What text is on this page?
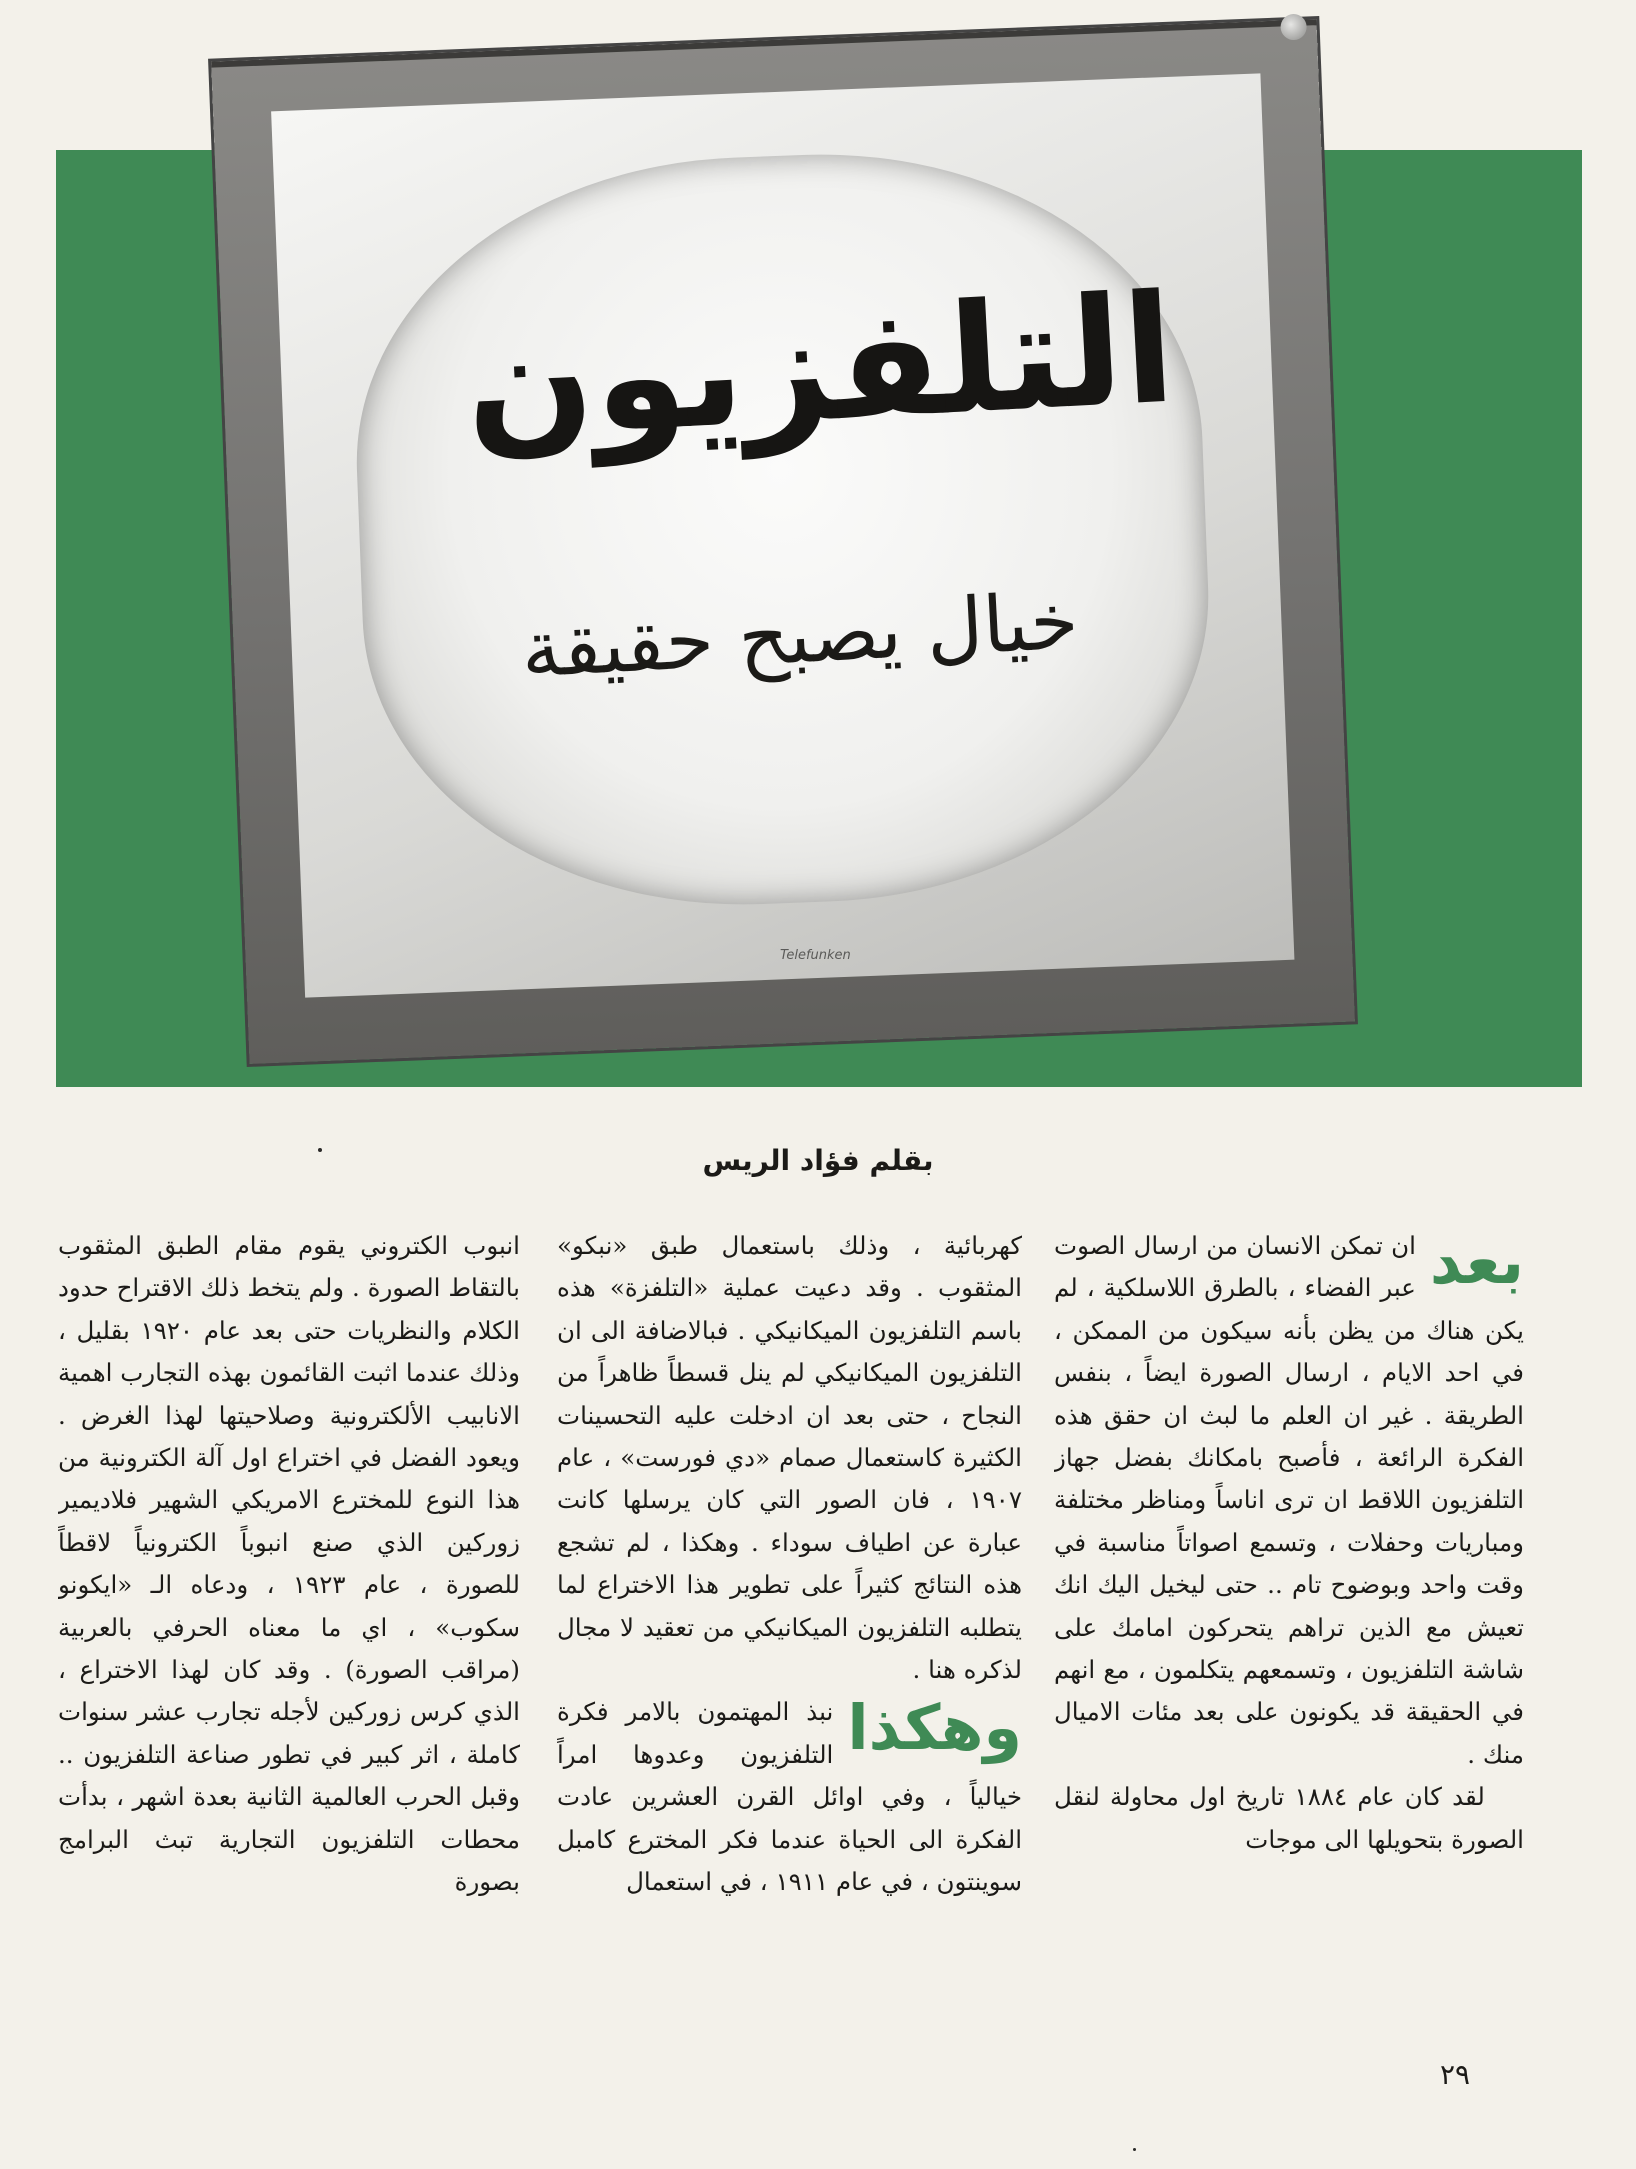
التلفزيون
خيال يصبح حقيقة
Telefunken
بقلم فؤاد الريس
بعد

ان تمكن الانسان من ارسال الصوت عبر الفضاء ، بالطرق اللاسلكية ، لم يكن هناك من يظن بأنه سيكون من الممكن ، في احد الايام ، ارسال الصورة ايضاً ، بنفس الطريقة . غير ان العلم ما لبث ان حقق هذه الفكرة الرائعة ، فأصبح بامكانك بفضل جهاز التلفزيون اللاقط ان ترى اناساً ومناظر مختلفة ومباريات وحفلات ، وتسمع اصواتاً مناسبة في وقت واحد وبوضوح تام .. حتى ليخيل اليك انك تعيش مع الذين تراهم يتحركون امامك على شاشة التلفزيون ، وتسمعهم يتكلمون ، مع انهم في الحقيقة قد يكونون على بعد مئات الاميال منك .

لقد كان عام ١٨٨٤ تاريخ اول محاولة لنقل الصورة بتحويلها الى موجات

كهربائية ، وذلك باستعمال طبق «نبكو» المثقوب . وقد دعيت عملية «التلفزة» هذه باسم التلفزيون الميكانيكي . فبالاضافة الى ان التلفزيون الميكانيكي لم ينل قسطاً ظاهراً من النجاح ، حتى بعد ان ادخلت عليه التحسينات الكثيرة كاستعمال صمام «دي فورست» ، عام ١٩٠٧ ، فان الصور التي كان يرسلها كانت عبارة عن اطياف سوداء . وهكذا ، لم تشجع هذه النتائج كثيراً على تطوير هذا الاختراع لما يتطلبه التلفزيون الميكانيكي من تعقيد لا مجال لذكره هنا .

وهكذا

نبذ المهتمون بالامر فكرة التلفزيون وعدوها امراً خيالياً ، وفي اوائل القرن العشرين عادت الفكرة الى الحياة عندما فكر المخترع كامبل سوينتون ، في عام ١٩١١ ، في استعمال

انبوب الكتروني يقوم مقام الطبق المثقوب بالتقاط الصورة . ولم يتخط ذلك الاقتراح حدود الكلام والنظريات حتى بعد عام ١٩٢٠ بقليل ، وذلك عندما اثبت القائمون بهذه التجارب اهمية الانابيب الألكترونية وصلاحيتها لهذا الغرض . ويعود الفضل في اختراع اول آلة الكترونية من هذا النوع للمخترع الامريكي الشهير فلاديمير زوركين الذي صنع انبوباً الكترونياً لاقطاً للصورة ، عام ١٩٢٣ ، ودعاه الـ «ايكونو سكوب» ، اي ما معناه الحرفي بالعربية (مراقب الصورة) . وقد كان لهذا الاختراع ، الذي كرس زوركين لأجله تجارب عشر سنوات كاملة ، اثر كبير في تطور صناعة التلفزيون .. وقبل الحرب العالمية الثانية بعدة اشهر ، بدأت محطات التلفزيون التجارية تبث البرامج بصورة

٢٩
